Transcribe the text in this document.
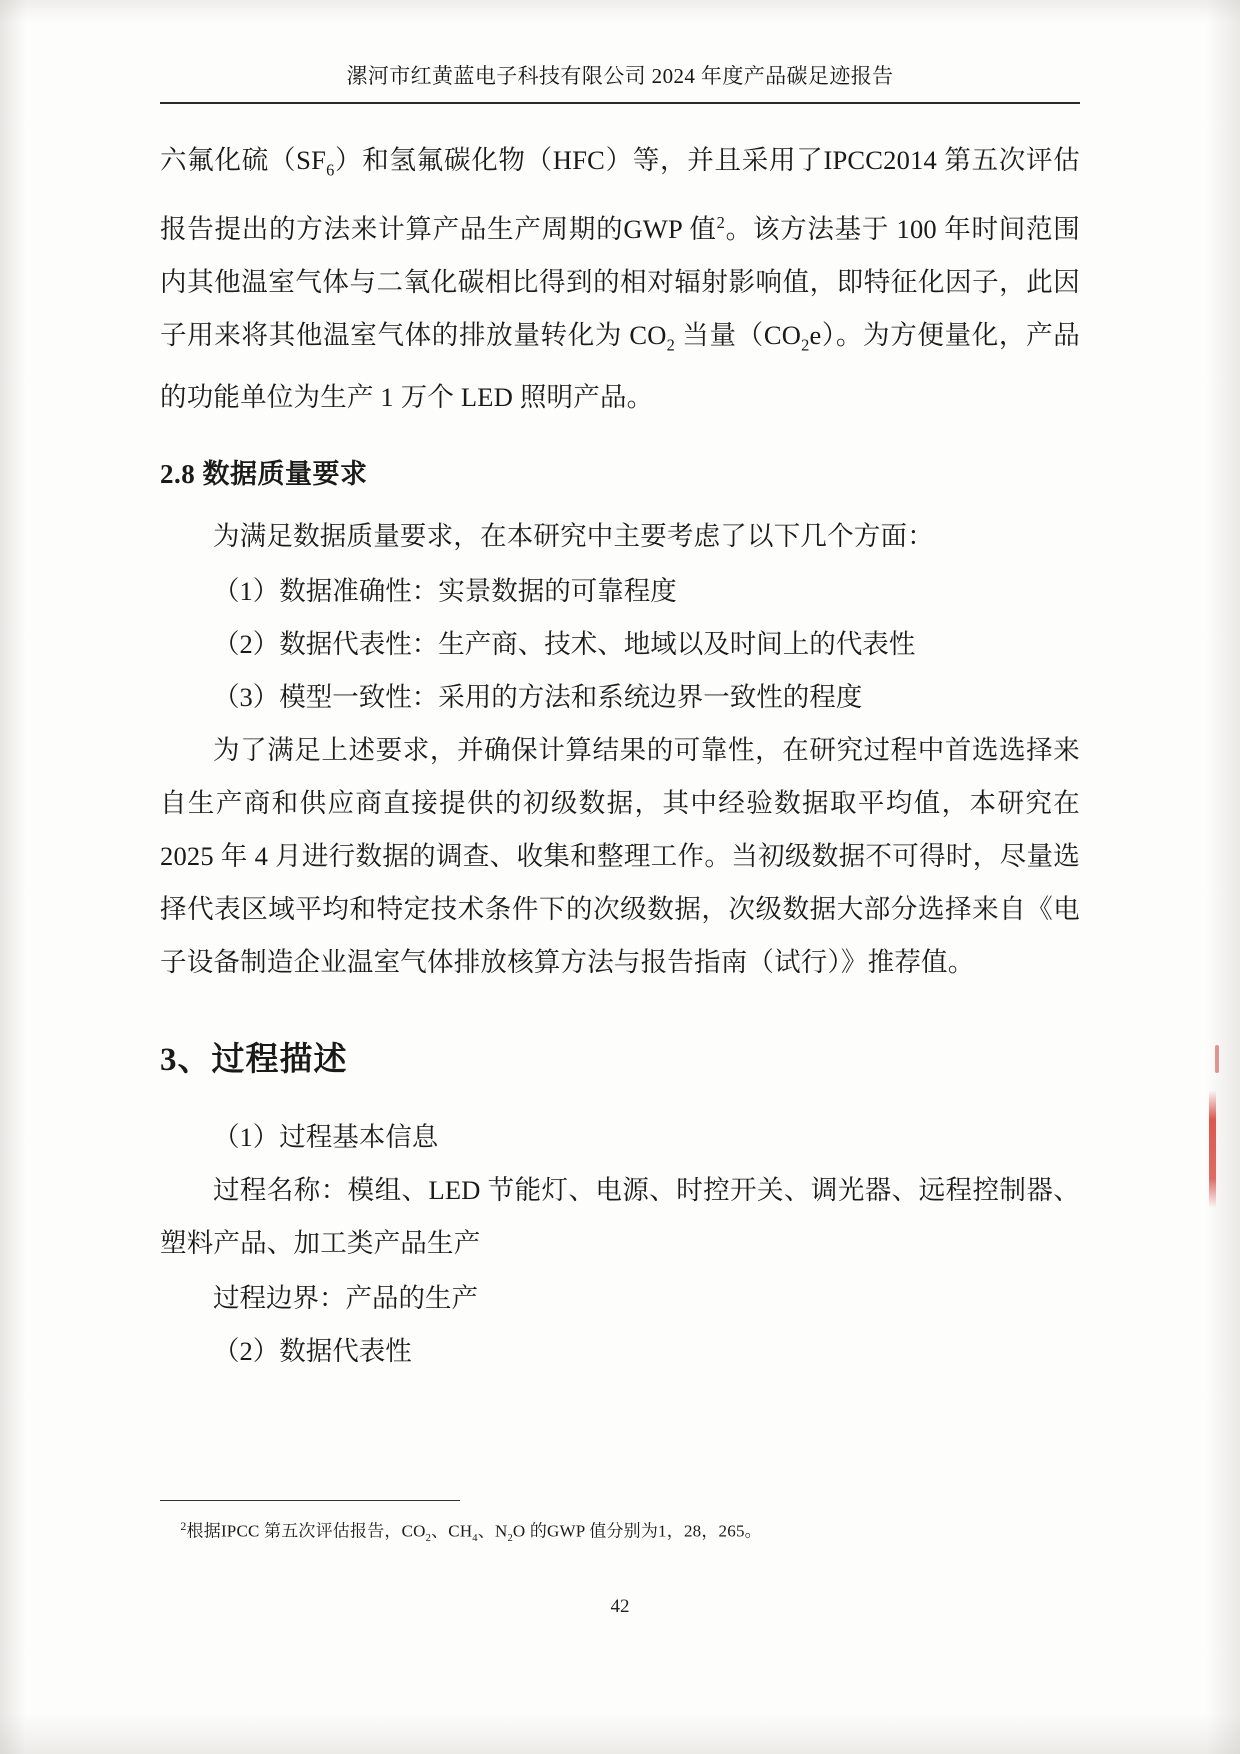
漯河市红黄蓝电子科技有限公司 2024 年度产品碳足迹报告

六氟化硫$(SF_6)$和氢氟碳化物（HFC）等，并且采用了IPCC2014 第五次评估报告提出的方法来计算产品生产周期的GWP 值$^2$。该方法基于 100 年时间范围内其他温室气体与二氧化碳相比得到的相对辐射影响值，即特征化因子，此因子用来将其他温室气体的排放量转化为 $CO_2$ 当量$(CO_2e)$。为方便量化，产品的功能单位为生产 1 万个 LED 照明产品。

2.8 数据质量要求

为满足数据质量要求，在本研究中主要考虑了以下几个方面：

（1）数据准确性：实景数据的可靠程度

（2）数据代表性：生产商、技术、地域以及时间上的代表性

（3）模型一致性：采用的方法和系统边界一致性的程度

为了满足上述要求，并确保计算结果的可靠性，在研究过程中首选选择来自生产商和供应商直接提供的初级数据，其中经验数据取平均值，本研究在 2025 年 4 月进行数据的调查、收集和整理工作。当初级数据不可得时，尽量选择代表区域平均和特定技术条件下的次级数据，次级数据大部分选择来自《电子设备制造企业温室气体排放核算方法与报告指南（试行）》推荐值。

3、过程描述

（1）过程基本信息

过程名称：模组、LED 节能灯、电源、时控开关、调光器、远程控制器、塑料产品、加工类产品生产

过程边界：产品的生产

（2）数据代表性

$^2$根据IPCC 第五次评估报告，$CO_2$、$CH_4$、$N_2O$ 的GWP 值分别为1，28，265。
42
